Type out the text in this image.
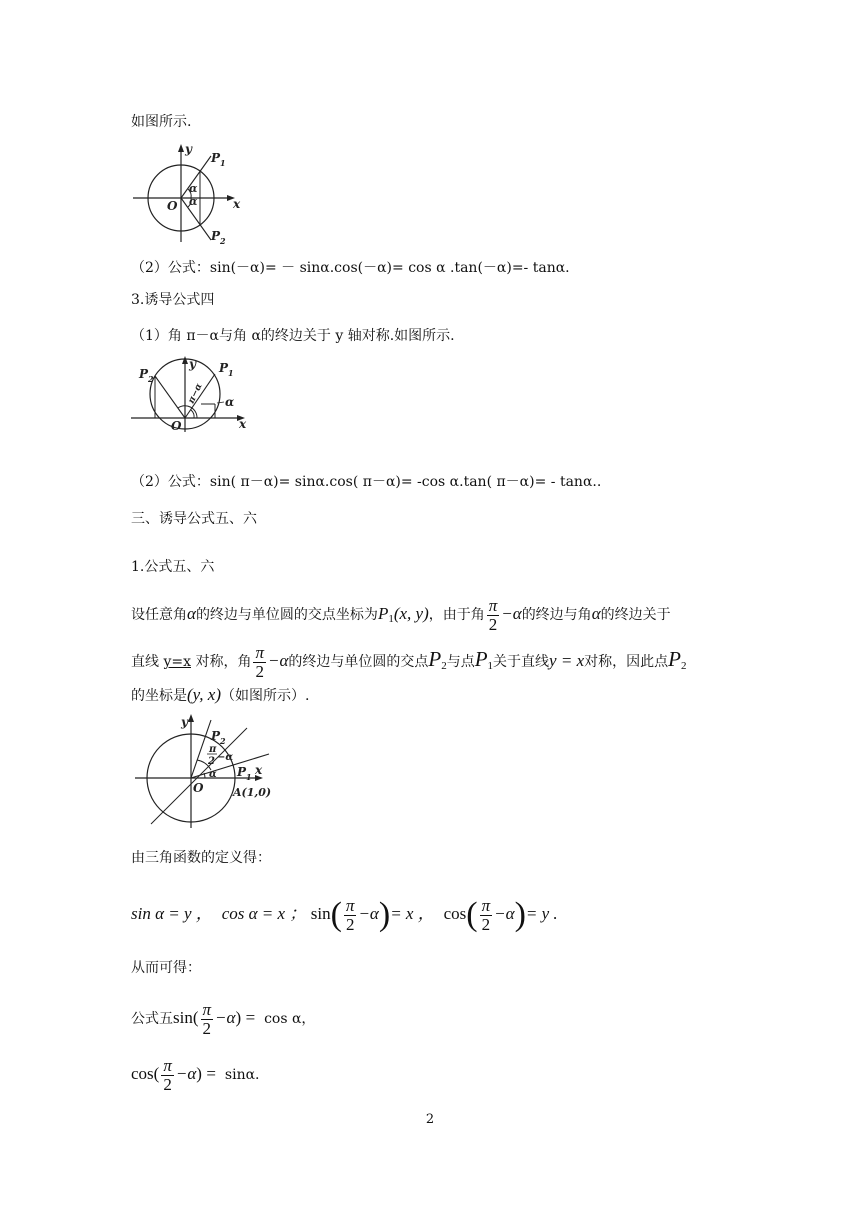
如图所示.
y
x
O
P 1
P 2
α
α
（2）公式：sin(－α)= － sinα.cos(－α)= cos α .tan(－α)=- tanα.
3.诱导公式四
（1）角 π－α与角 α的终边关于 y 轴对称.如图所示.
y
x
O
P 1
P 2
α
π−α
（2）公式：sin( π－α)= sinα.cos( π－α)= -cos α.tan( π－α)= - tanα..
三、诱导公式五、六
1.公式五、六
设任意角α的终边与单位圆的交点坐标为$P_1(x$, y)，由于角 $\frac{\pi}{2} -\alpha$的终边与角α的终边关于
直线 y=x 对称，角 $\frac{\pi}{2} -\alpha$的终边与单位圆的交点$P_2$与点$P_1$关于直线y = x对称，因此点$P_2$
的坐标是(y, x)（如图所示）.
y
x
O
P 2
P 1
A(1,0)
π
2 −α
α
由三角函数的定义得：
sin α = y ， cos α = x ； $\sin( \frac{\pi}{2} -\alpha)= x$ ， $\cos( \frac{\pi}{2} -\alpha)= y$ .
从而可得：
公式五$\sin( \frac{\pi}{2} -\alpha) = \cos \alpha$，
$\cos( \frac{\pi}{2} -\alpha) = \sin\alpha$.
2
